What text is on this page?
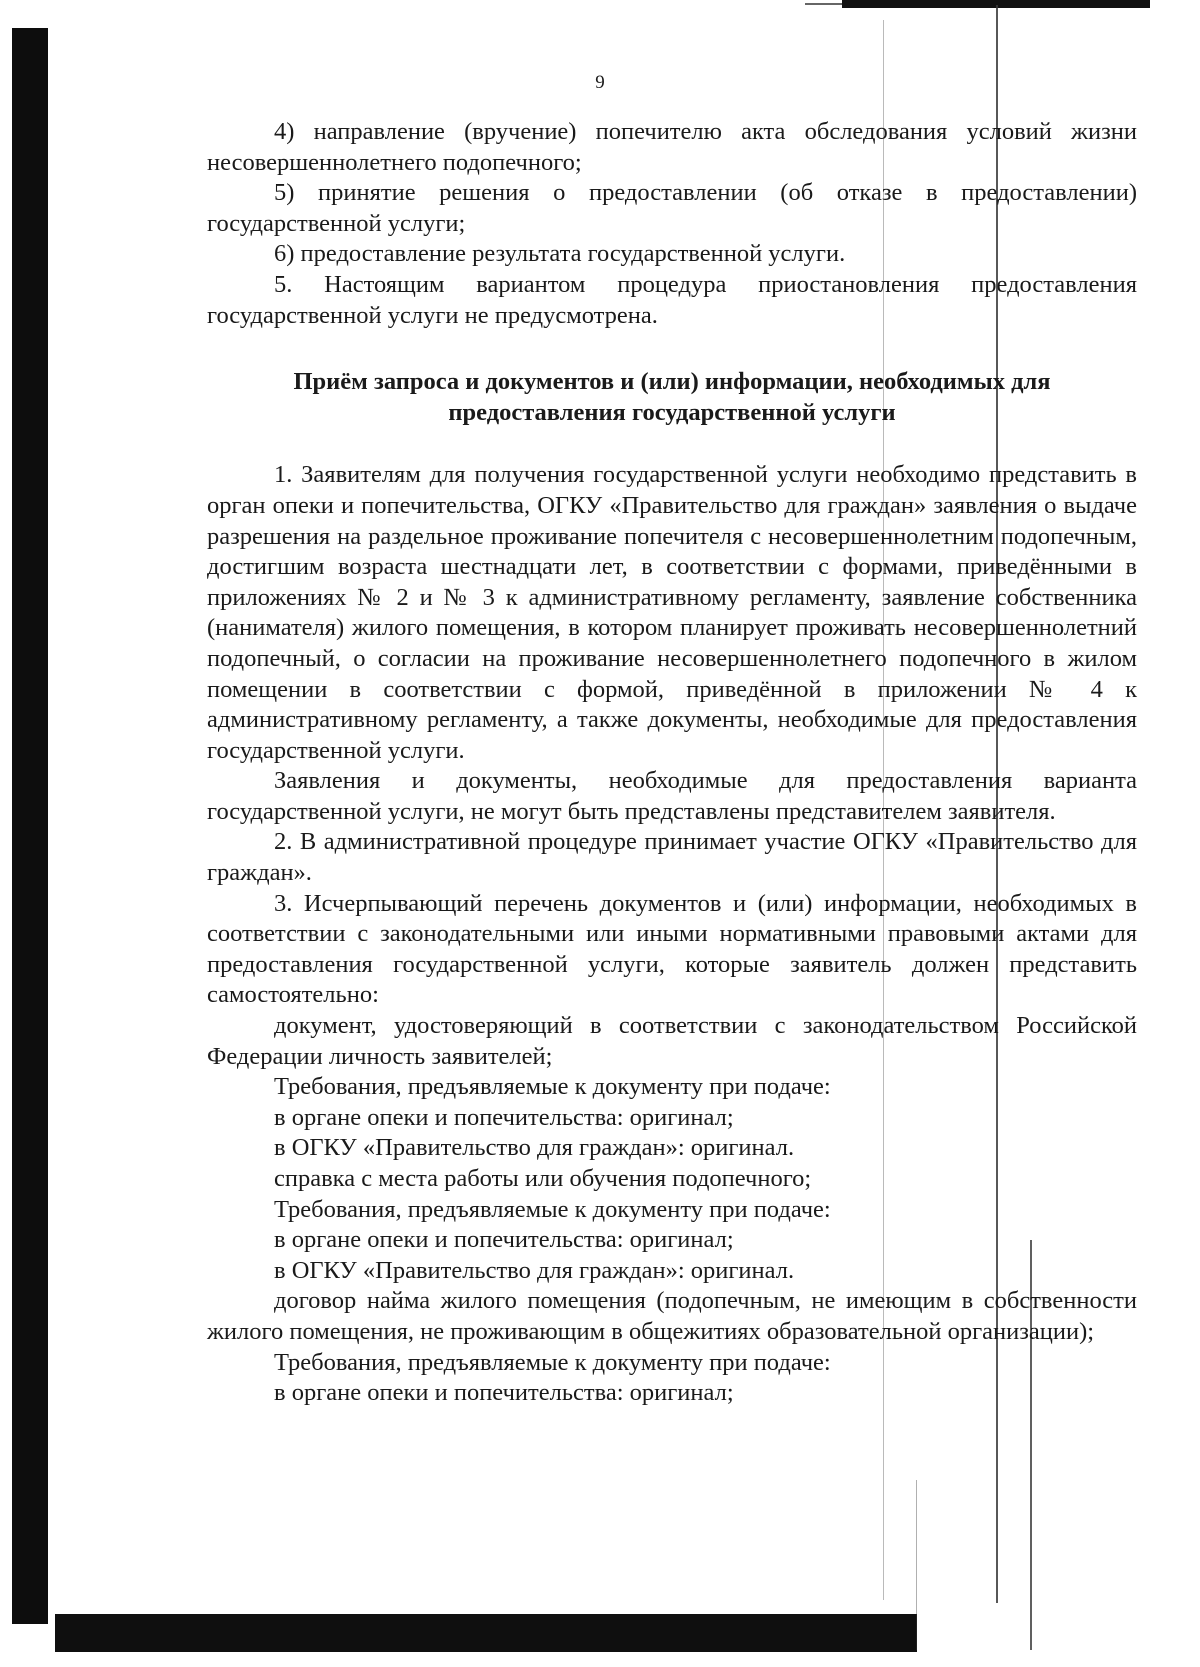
9

4) направление (вручение) попечителю акта обследования условий жизни несовершеннолетнего подопечного;

5) принятие решения о предоставлении (об отказе в предоставлении) государственной услуги;

6) предоставление результата государственной услуги.

5. Настоящим вариантом процедура приостановления предоставления государственной услуги не предусмотрена.

Приём запроса и документов и (или) информации, необходимых для предоставления государственной услуги

1. Заявителям для получения государственной услуги необходимо представить в орган опеки и попечительства, ОГКУ «Правительство для граждан» заявления о выдаче разрешения на раздельное проживание попечителя с несовершеннолетним подопечным, достигшим возраста шестнадцати лет, в соответствии с формами, приведёнными в приложениях № 2 и № 3 к административному регламенту, заявление собственника (нанимателя) жилого помещения, в котором планирует проживать несовершеннолетний подопечный, о согласии на проживание несовершеннолетнего подопечного в жилом помещении в соответствии с формой, приведённой в приложении № 4 к административному регламенту, а также документы, необходимые для предоставления государственной услуги.

Заявления и документы, необходимые для предоставления варианта государственной услуги, не могут быть представлены представителем заявителя.

2. В административной процедуре принимает участие ОГКУ «Правительство для граждан».

3. Исчерпывающий перечень документов и (или) информации, необходимых в соответствии с законодательными или иными нормативными правовыми актами для предоставления государственной услуги, которые заявитель должен представить самостоятельно:

документ, удостоверяющий в соответствии с законодательством Российской Федерации личность заявителей;

Требования, предъявляемые к документу при подаче:

в органе опеки и попечительства: оригинал;

в ОГКУ «Правительство для граждан»: оригинал.

справка с места работы или обучения подопечного;

Требования, предъявляемые к документу при подаче:

в органе опеки и попечительства: оригинал;

в ОГКУ «Правительство для граждан»: оригинал.

договор найма жилого помещения (подопечным, не имеющим в собственности жилого помещения, не проживающим в общежитиях образовательной организации);

Требования, предъявляемые к документу при подаче:

в органе опеки и попечительства: оригинал;
